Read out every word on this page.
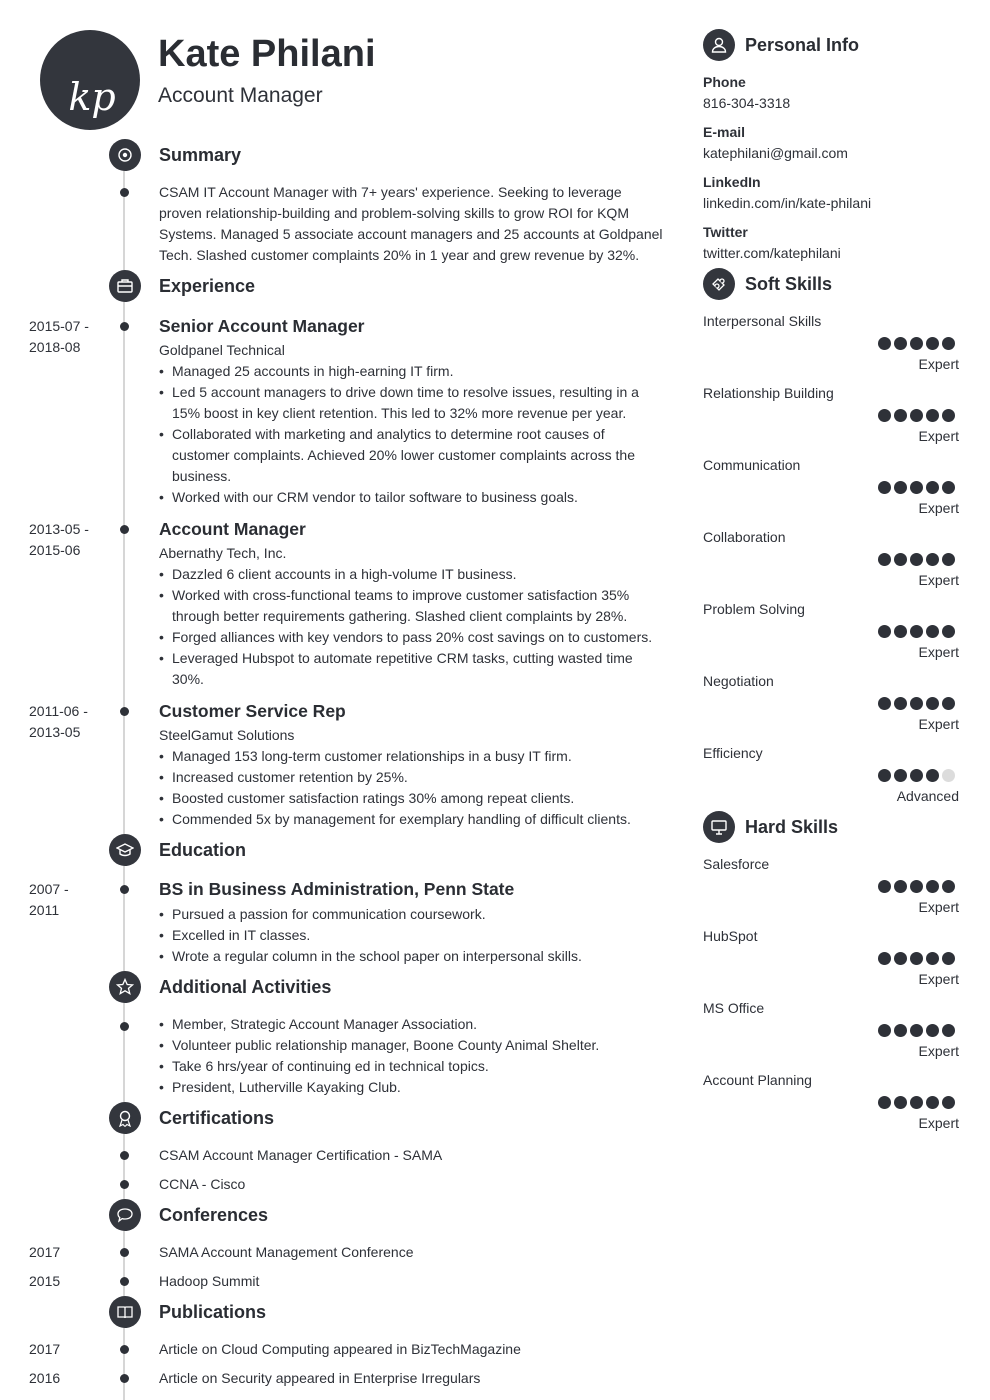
kp
Kate Philani
Account Manager
Summary
CSAM IT Account Manager with 7+ years' experience. Seeking to leverage
proven relationship-building and problem-solving skills to grow ROI for KQM
Systems. Managed 5 associate account managers and 25 accounts at Goldpanel
Tech. Slashed customer complaints 20% in 1 year and grew revenue by 32%.
Experience
2015-07 -
2018-08
Senior Account Manager
Goldpanel Technical
• Managed 25 accounts in high-earning IT firm.
• Led 5 account managers to drive down time to resolve issues, resulting in a
15% boost in key client retention. This led to 32% more revenue per year.
• Collaborated with marketing and analytics to determine root causes of
customer complaints. Achieved 20% lower customer complaints across the
business.
• Worked with our CRM vendor to tailor software to business goals.
2013-05 -
2015-06
Account Manager
Abernathy Tech, Inc.
• Dazzled 6 client accounts in a high-volume IT business.
• Worked with cross-functional teams to improve customer satisfaction 35%
through better requirements gathering. Slashed client complaints by 28%.
• Forged alliances with key vendors to pass 20% cost savings on to customers.
• Leveraged Hubspot to automate repetitive CRM tasks, cutting wasted time
30%.
2011-06 -
2013-05
Customer Service Rep
SteelGamut Solutions
• Managed 153 long-term customer relationships in a busy IT firm.
• Increased customer retention by 25%.
• Boosted customer satisfaction ratings 30% among repeat clients.
• Commended 5x by management for exemplary handling of difficult clients.
Education
2007 -
2011
BS in Business Administration, Penn State
• Pursued a passion for communication coursework.
• Excelled in IT classes.
• Wrote a regular column in the school paper on interpersonal skills.
Additional Activities
• Member, Strategic Account Manager Association.
• Volunteer public relationship manager, Boone County Animal Shelter.
• Take 6 hrs/year of continuing ed in technical topics.
• President, Lutherville Kayaking Club.
Certifications
CSAM Account Manager Certification - SAMA
CCNA - Cisco
Conferences
2017	SAMA Account Management Conference
2015	Hadoop Summit
Publications
2017	Article on Cloud Computing appeared in BizTechMagazine
2016	Article on Security appeared in Enterprise Irregulars
Personal Info
Phone
816-304-3318
E-mail
katephilani@gmail.com
LinkedIn
linkedin.com/in/kate-philani
Twitter
twitter.com/katephilani
Soft Skills
Interpersonal Skills
Expert
Relationship Building
Expert
Communication
Expert
Collaboration
Expert
Problem Solving
Expert
Negotiation
Expert
Efficiency
Advanced
Hard Skills
Salesforce
Expert
HubSpot
Expert
MS Office
Expert
Account Planning
Expert
